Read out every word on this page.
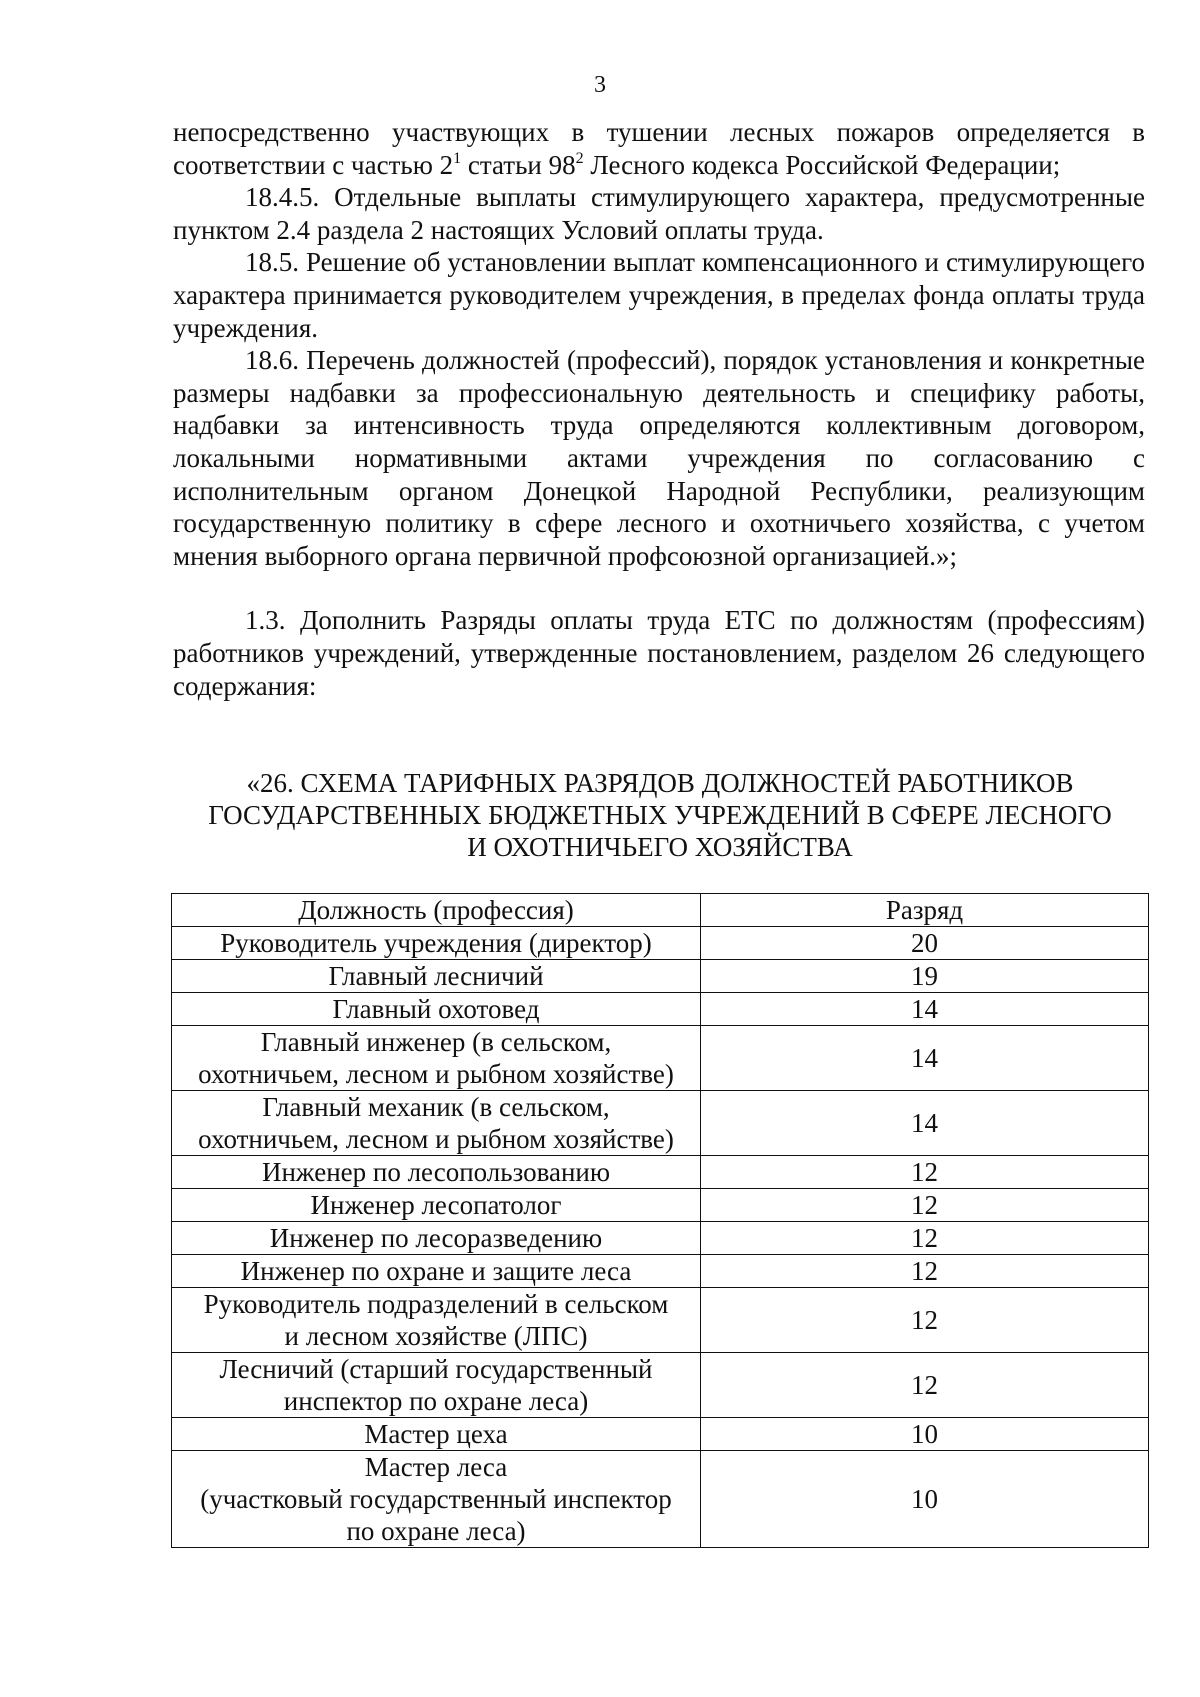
3

непосредственно участвующих в тушении лесных пожаров определяется в соответствии с частью $2^1$ статьи $98^2$ Лесного кодекса Российской Федерации;

18.4.5. Отдельные выплаты стимулирующего характера, предусмотренные пунктом 2.4 раздела 2 настоящих Условий оплаты труда.

18.5. Решение об установлении выплат компенсационного и стимулирующего характера принимается руководителем учреждения, в пределах фонда оплаты труда учреждения.

18.6. Перечень должностей (профессий), порядок установления и конкретные размеры надбавки за профессиональную деятельность и специфику работы, надбавки за интенсивность труда определяются коллективным договором, локальными нормативными актами учреждения по согласованию с исполнительным органом Донецкой Народной Республики, реализующим государственную политику в сфере лесного и охотничьего хозяйства, с учетом мнения выборного органа первичной профсоюзной организацией.»;

1.3. Дополнить Разряды оплаты труда ЕТС по должностям (профессиям) работников учреждений, утвержденные постановлением, разделом 26 следующего содержания:

«26. СХЕМА ТАРИФНЫХ РАЗРЯДОВ ДОЛЖНОСТЕЙ РАБОТНИКОВ
ГОСУДАРСТВЕННЫХ БЮДЖЕТНЫХ УЧРЕЖДЕНИЙ В СФЕРЕ ЛЕСНОГО
И ОХОТНИЧЬЕГО ХОЗЯЙСТВА
Должность (профессия)	Разряд

Руководитель учреждения (директор)	20

Главный лесничий	19

Главный охотовед	14

Главный инженер (в сельском,
охотничьем, лесном и рыбном хозяйстве)	14

Главный механик (в сельском,
охотничьем, лесном и рыбном хозяйстве)	14

Инженер по лесопользованию	12

Инженер лесопатолог	12

Инженер по лесоразведению	12

Инженер по охране и защите леса	12

Руководитель подразделений в сельском
и лесном хозяйстве (ЛПС)	12

Лесничий (старший государственный
инспектор по охране леса)	12

Мастер цеха	10

Мастер леса
(участковый государственный инспектор
по охране леса)	10
